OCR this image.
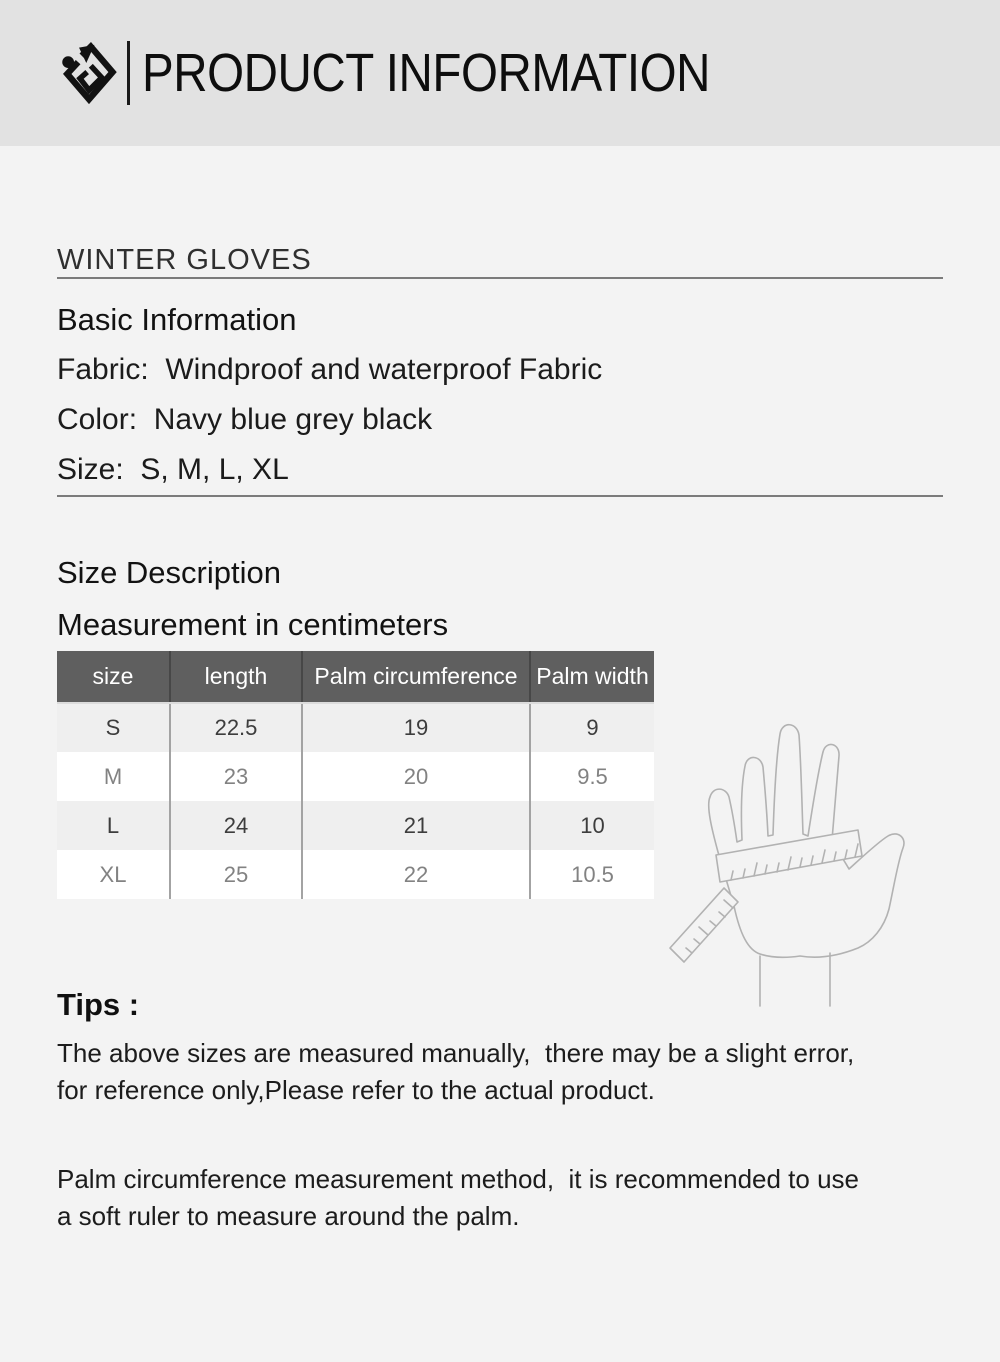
PRODUCT INFORMATION
WINTER GLOVES
Basic Information
Fabric:  Windproof and waterproof Fabric
Color:  Navy blue grey black
Size:  S, M, L, XL
Size Description
Measurement in centimeters
size	length	Palm circumference	Palm width
S	22.5	19	9
M	23	20	9.5
L	24	21	10
XL	25	22	10.5
Tips :
The above sizes are measured manually,  there may be a slight error,
for reference only,Please refer to the actual product.
Palm circumference measurement method,  it is recommended to use
a soft ruler to measure around the palm.
